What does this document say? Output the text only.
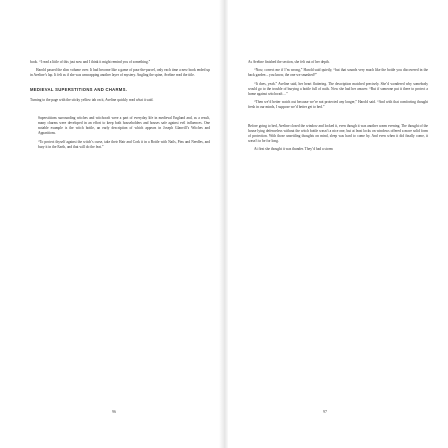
book. “I read a little of this just now and I think it might remind you of something.”

Harold passed the slim volume over. It had become like a game of pass-the-parcel, only each time a new book ended up in Aveline’s lap. It felt as if she was unwrapping another layer of mystery. Angling the spine, Aveline read the title.

MEDIEVAL SUPERSTITIONS AND CHARMS.

Turning to the page with the sticky yellow tab on it, Aveline quickly read what it said.

Superstitions surrounding witches and witchcraft were a part of everyday life in medieval England and, as a result, many charms were developed in an effort to keep both householders and houses safe against evil influences. One notable example is the witch bottle, an early description of which appears in Joseph Glanvill’s Witches and Apparitions.

“To protect thyself against the witch’s curse, take their Hair and Cork it in a Bottle with Nails, Pins and Needles, and bury it in the Earth, and that will do the feat.”

96

As Aveline finished the section, she felt out of her depth.

“Now, correct me if I’m wrong,” Harold said quietly, “but that sounds very much like the bottle you discovered in the back garden – you know, the one we smashed?”

“It does, yeah.” Aveline said, her heart fluttering. The description matched precisely. She’d wondered why somebody would go to the trouble of burying a bottle full of nails. Now she had her answer. “But if someone put it there to protect a home against witchcraft…”

“Then we’d better watch out because we’re not protected any longer,” Harold said. “And with that comforting thought fresh in our minds, I suppose we’d better get to bed.”

Before going to bed, Aveline closed the window and locked it, even though it was another warm evening. The thought of the house lying defenceless without the witch bottle wasn’t a nice one, but at least locks on windows offered a more solid form of protection. With those unsettling thoughts on mind, sleep was hard to come by. And even when it did finally come, it wasn’t to be for long.

At first she thought it was thunder. They’d had a storm

97
